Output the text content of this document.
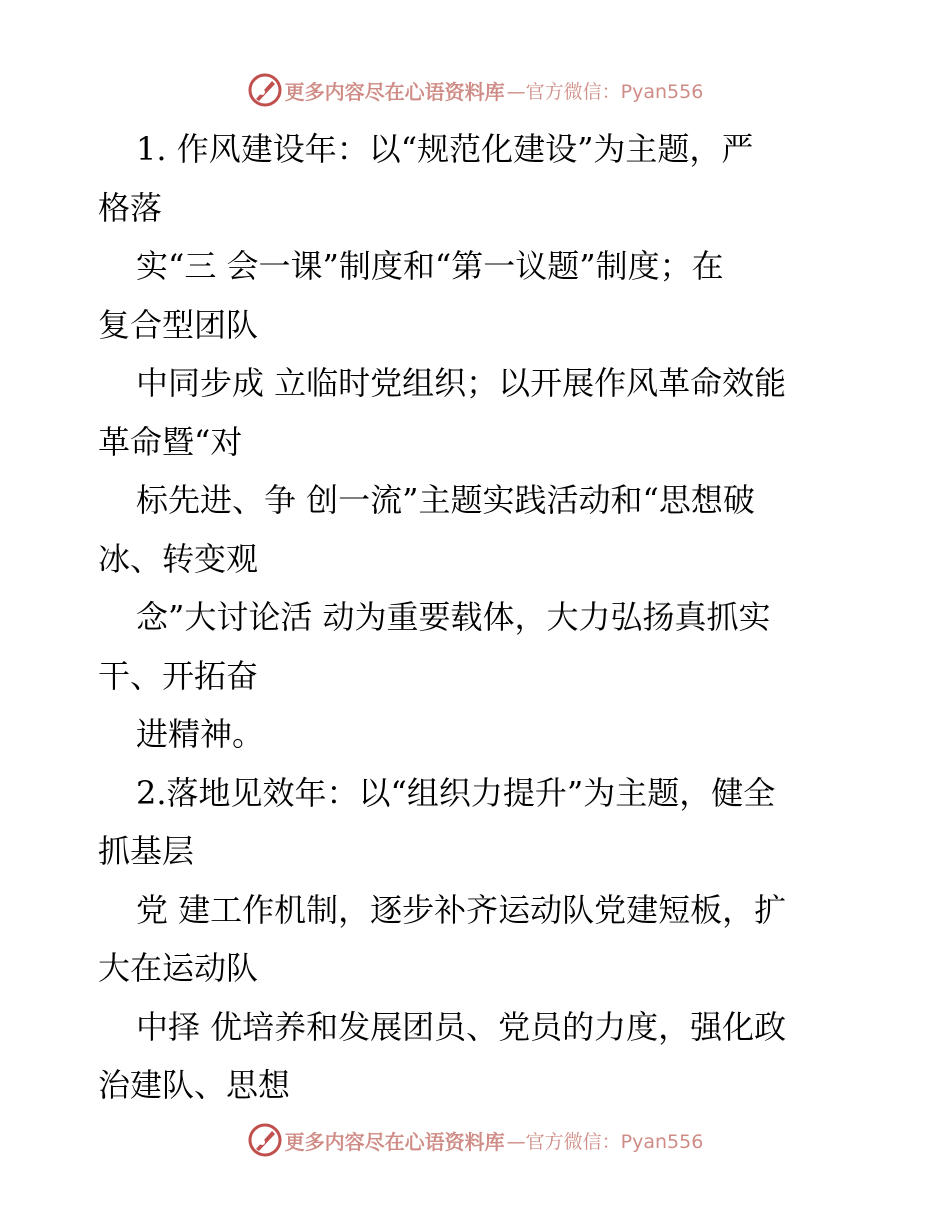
更多内容尽在心语资料库 —官方微信：Pyan556
1. 作风建设年：以“规范化建设”为主题，严
格落
实“三 会一课”制度和“第一议题”制度；在
复合型团队
中同步成 立临时党组织；以开展作风革命效能
革命暨“对
标先进、争 创一流”主题实践活动和“思想破
冰、转变观
念”大讨论活 动为重要载体，大力弘扬真抓实
干、开拓奋
进精神。
2.落地见效年：以“组织力提升”为主题，健全
抓基层
党 建工作机制，逐步补齐运动队党建短板，扩
大在运动队
中择 优培养和发展团员、党员的力度，强化政
治建队、思想
更多内容尽在心语资料库 —官方微信：Pyan556
